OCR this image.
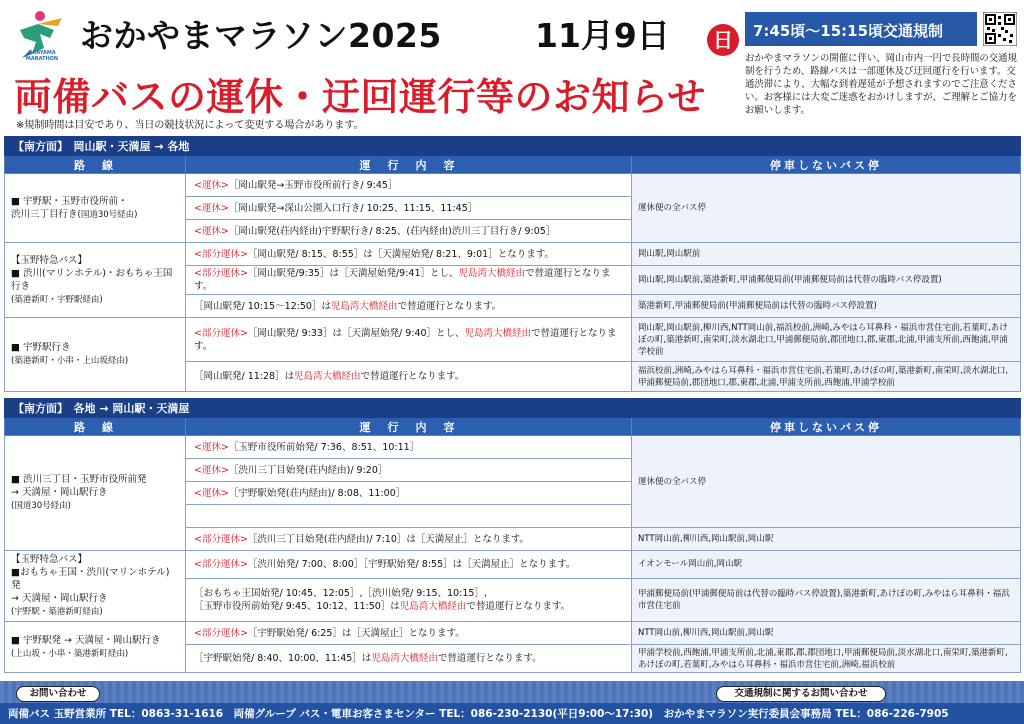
OKAYAMA MARATHON
おかやまマラソン2025	11月9日	日
両備バスの運休・迂回運行等のお知らせ
※規制時間は目安であり、当日の競技状況によって変更する場合があります。
7:45頃〜15:15頃交通規制
おかやまマラソンの開催に伴い、岡山市内一円で長時間の交通規制を行うため、路線バスは一部運休及び迂回運行を行います。交通渋滞により、大幅な到着遅延が予想されますのでご注意ください。お客様には大変ご迷惑をおかけしますが、ご理解とご協力をお願いします。
【南方面】　岡山駅・天満屋 → 各地		
路　線	運　行　内　容	停車しないバス停

■ 宇野駅・玉野市役所前・
渋川三丁目行き(国道30号経由)	<運休>［岡山駅発→玉野市役所前行き/ 9:45］	運休便の全バス停
	<運休>［岡山駅発→深山公園入口行き/ 10:25、11:15、11:45］	
	<運休>［岡山駅発(荘内経由)宇野駅行き/ 8:25、(荘内経由)渋川三丁目行き/ 9:05］	

【玉野特急バス】
■ 渋川(マリンホテル)・おもちゃ王国行き
(築港新町・宇野駅経由)	<部分運休>［岡山駅発/ 8:15、8:55］は［天満屋始発/ 8:21、9:01］となります。	岡山駅,岡山駅前
	<部分運休>［岡山駅発/9:35］は［天満屋始発/9:41］とし、児島湾大橋経由で替道運行となります。	岡山駅,岡山駅前,築港新町,甲浦郵便局前(甲浦郵便局前は代替の臨時バス停設置)
	［岡山駅発/ 10:15〜12:50］は児島湾大橋経由で替道運行となります。	築港新町,甲浦郵便局前(甲浦郵便局前は代替の臨時バス停設置)

■ 宇野駅行き
(築港新町・小串・上山坂経由)	<部分運休>［岡山駅発/ 9:33］は［天満屋始発/ 9:40］とし、児島湾大橋経由で替道運行となります。	岡山駅,岡山駅前,柳川西,NTT岡山前,福浜校前,洲崎,みやはら耳鼻科・福浜市営住宅前,若葉町,あけぼの町,築港新町,南栄町,淡水湖北口,甲浦郵便局前,郡団地口,郡,東郡,北浦,甲浦支所前,西飽浦,甲浦学校前
	［岡山駅発/ 11:28］は児島湾大橋経由で替道運行となります。	福浜校前,洲崎,みやはら耳鼻科・福浜市営住宅前,若葉町,あけぼの町,築港新町,南栄町,淡水湖北口,甲浦郵便局前,郡団地口,郡,東郡,北浦,甲浦支所前,西飽浦,甲浦学校前
【南方面】　各地 → 岡山駅・天満屋		
路　線	運　行　内　容	停車しないバス停

■ 渋川三丁目・玉野市役所前発
→ 天満屋・岡山駅行き
(国道30号経由)	<運休>［玉野市役所前始発/ 7:36、8:51、10:11］	運休便の全バス停
	<運休>［渋川三丁目始発(荘内経由)/ 9:20］	
	<運休>［宇野駅始発(荘内経由)/ 8:08、11:00］	

	<部分運休>［渋川三丁目始発(荘内経由)/ 7:10］は［天満屋止］となります。	NTT岡山前,柳川西,岡山駅前,岡山駅

【玉野特急バス】
■おもちゃ王国・渋川(マリンホテル) 発
→ 天満屋・岡山駅行き
(宇野駅・築港新町経由)	<部分運休>［渋川始発/ 7:00、8:00］［宇野駅始発/ 8:55］は［天満屋止］となります。	イオンモール岡山前,岡山駅

	［おもちゃ王国始発/ 10:45、12:05］,［渋川始発/ 9:15、10:15］,
［玉野市役所前始発/ 9:45、10:12、11:50］は児島湾大橋経由で替道運行となります。	甲浦郵便局前(甲浦郵便局前は代替の臨時バス停設置),築港新町,あけぼの町,みやはら耳鼻科・福浜市営住宅前

■ 宇野駅発 → 天満屋・岡山駅行き
(上山坂・小串・築港新町経由)	<部分運休>［宇野駅始発/ 6:25］は［天満屋止］となります。	NTT岡山前,柳川西,岡山駅前,岡山駅
	［宇野駅始発/ 8:40、10:00、11:45］は児島湾大橋経由で替道運行となります。	甲浦学校前,西飽浦,甲浦支所前,北浦,東郡,郡,郡団地口,甲浦郵便局前,淡水湖北口,南栄町,築港新町,あけぼの町,若葉町,みやはら耳鼻科・福浜市営住宅前,洲崎,福浜校前
お問い合わせ	交通規制に関するお問い合わせ
両備バス 玉野営業所 TEL：0863-31-1616　両備グループ バス・電車お客さまセンター TEL：086-230-2130(平日9:00〜17:30)　おかやまマラソン実行委員会事務局 TEL：086-226-7905
